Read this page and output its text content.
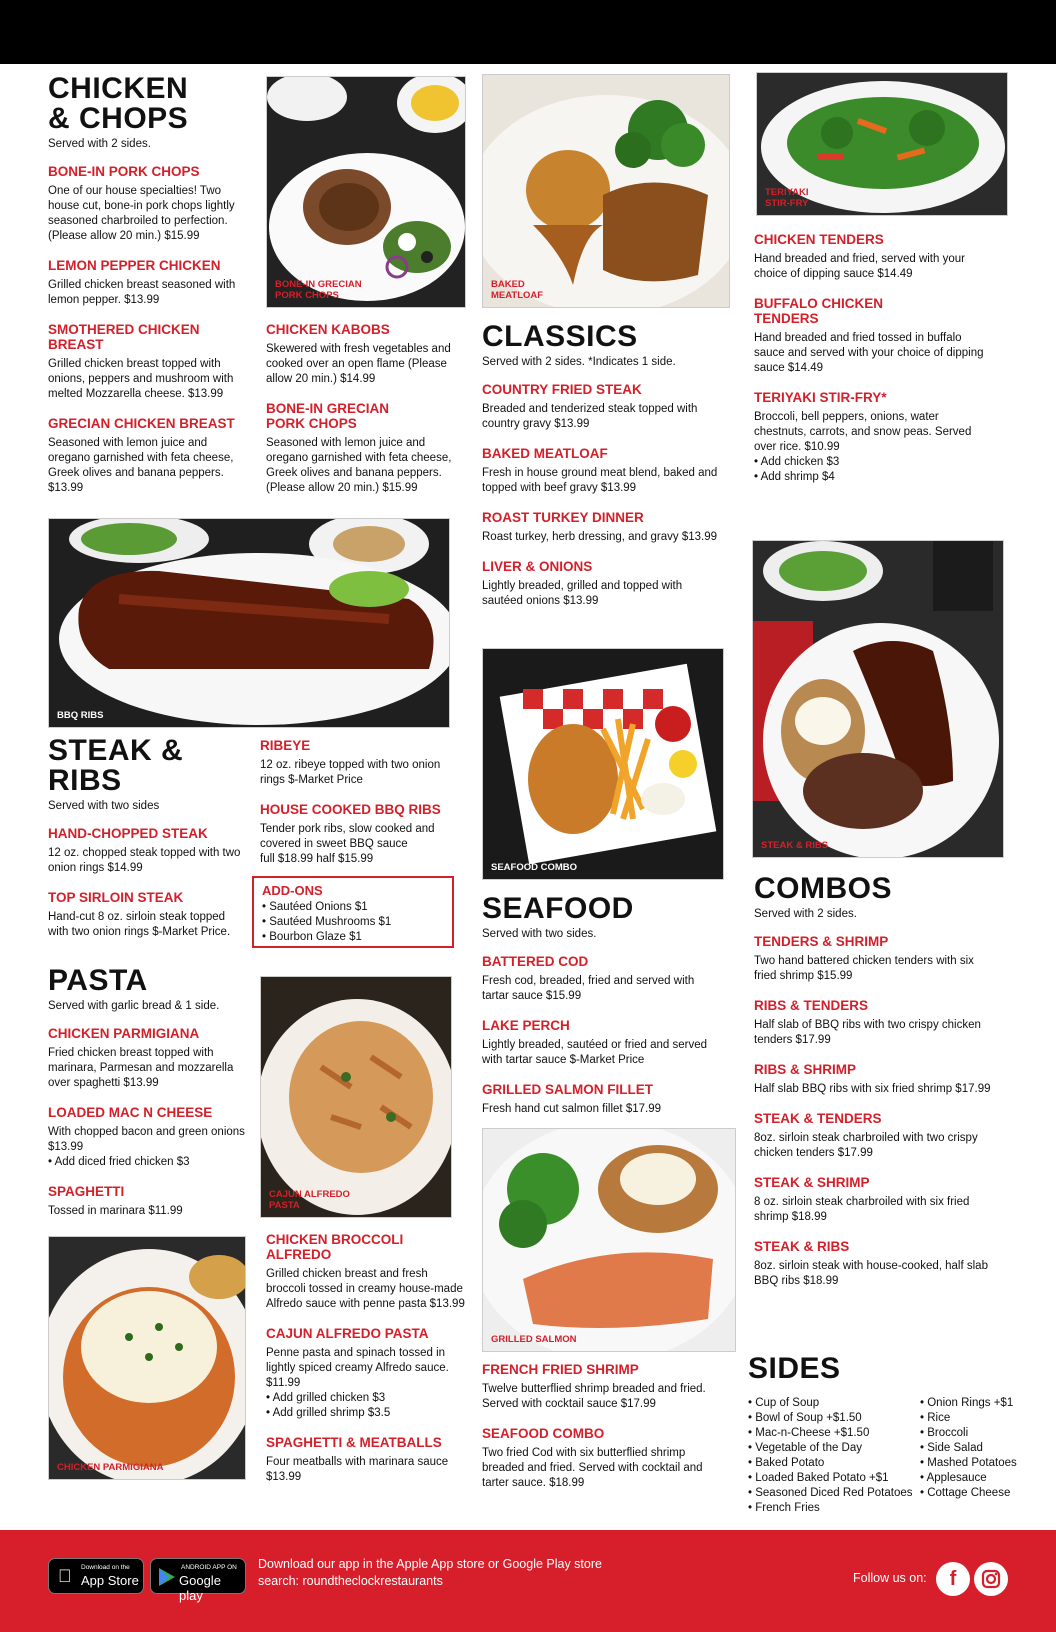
CHICKEN
& CHOPS
Served with 2 sides.
BONE-IN PORK CHOPS
One of our house specialties! Two house cut, bone-in pork chops lightly seasoned charbroiled to perfection. (Please allow 20 min.) $15.99
LEMON PEPPER CHICKEN
Grilled chicken breast seasoned with lemon pepper. $13.99
SMOTHERED CHICKEN BREAST
Grilled chicken breast topped with onions, peppers and mushroom with melted Mozzarella cheese. $13.99
GRECIAN CHICKEN BREAST
Seasoned with lemon juice and oregano garnished with feta cheese, Greek olives and banana peppers. $13.99
BONE-IN GRECIAN PORK CHOPS
CHICKEN KABOBS
Skewered with fresh vegetables and cooked over an open flame (Please allow 20 min.) $14.99
BONE-IN GRECIAN PORK CHOPS
Seasoned with lemon juice and oregano garnished with feta cheese, Greek olives and banana peppers. (Please allow 20 min.) $15.99
BAKED MEATLOAF
CLASSICS
Served with 2 sides. *Indicates 1 side.
COUNTRY FRIED STEAK
Breaded and tenderized steak topped with country gravy $13.99
BAKED MEATLOAF
Fresh in house ground meat blend, baked and topped with beef gravy $13.99
ROAST TURKEY DINNER
Roast turkey, herb dressing, and gravy $13.99
LIVER & ONIONS
Lightly breaded, grilled and topped with sautéed onions $13.99
TERIYAKI STIR-FRY
CHICKEN TENDERS
Hand breaded and fried, served with your choice of dipping sauce $14.49
BUFFALO CHICKEN TENDERS
Hand breaded and fried tossed in buffalo sauce and served with your choice of dipping sauce $14.49
TERIYAKI STIR-FRY*
Broccoli, bell peppers, onions, water chestnuts, carrots, and snow peas. Served over rice. $10.99
• Add chicken $3
• Add shrimp $4
BBQ RIBS
STEAK & RIBS
Served with two sides
HAND-CHOPPED STEAK
12 oz. chopped steak topped with two onion rings $14.99
TOP SIRLOIN STEAK
Hand-cut 8 oz. sirloin steak topped with two onion rings $-Market Price.
RIBEYE
12 oz. ribeye topped with two onion rings $-Market Price
HOUSE COOKED BBQ RIBS
Tender pork ribs, slow cooked and covered in sweet BBQ sauce
full $18.99 half $15.99
ADD-ONS
• Sautéed Onions $1
• Sautéed Mushrooms $1
• Bourbon Glaze $1
SEAFOOD COMBO
STEAK & RIBS
SEAFOOD
Served with two sides.
BATTERED COD
Fresh cod, breaded, fried and served with tartar sauce $15.99
LAKE PERCH
Lightly breaded, sautéed or fried and served with tartar sauce $-Market Price
GRILLED SALMON FILLET
Fresh hand cut salmon fillet $17.99
GRILLED SALMON
FRENCH FRIED SHRIMP
Twelve butterflied shrimp breaded and fried. Served with cocktail sauce $17.99
SEAFOOD COMBO
Two fried Cod with six butterflied shrimp breaded and fried. Served with cocktail and tarter sauce. $18.99
COMBOS
Served with 2 sides.
TENDERS & SHRIMP
Two hand battered chicken tenders with six fried shrimp $15.99
RIBS & TENDERS
Half slab of BBQ ribs with two crispy chicken tenders $17.99
RIBS & SHRIMP
Half slab BBQ ribs with six fried shrimp $17.99
STEAK & TENDERS
8oz. sirloin steak charbroiled with two crispy chicken tenders $17.99
STEAK & SHRIMP
8 oz. sirloin steak charbroiled with six fried shrimp $18.99
STEAK & RIBS
8oz. sirloin steak with house-cooked, half slab BBQ ribs $18.99
PASTA
Served with garlic bread & 1 side.
CHICKEN PARMIGIANA
Fried chicken breast topped with marinara, Parmesan and mozzarella over spaghetti $13.99
LOADED MAC N CHEESE
With chopped bacon and green onions $13.99
• Add diced fried chicken $3
SPAGHETTI
Tossed in marinara $11.99
CAJUN ALFREDO PASTA
CHICKEN BROCCOLI ALFREDO
Grilled chicken breast and fresh broccoli tossed in creamy house-made Alfredo sauce with penne pasta $13.99
CAJUN ALFREDO PASTA
Penne pasta and spinach tossed in lightly spiced creamy Alfredo sauce. $11.99
• Add grilled chicken $3
• Add grilled shrimp $3.5
SPAGHETTI & MEATBALLS
Four meatballs with marinara sauce $13.99
CHICKEN PARMIGIANA
SIDES
• Cup of Soup
• Bowl of Soup +$1.50
• Mac-n-Cheese +$1.50
• Vegetable of the Day
• Baked Potato
• Loaded Baked Potato +$1
• Seasoned Diced Red Potatoes
• French Fries
• Onion Rings +$1
• Rice
• Broccoli
• Side Salad
• Mashed Potatoes
• Applesauce
• Cottage Cheese
Download on the
App Store
ANDROID APP ON
Google play
Download our app in the Apple App store or Google Play store
search: roundtheclockrestaurants	Follow us on:	f
